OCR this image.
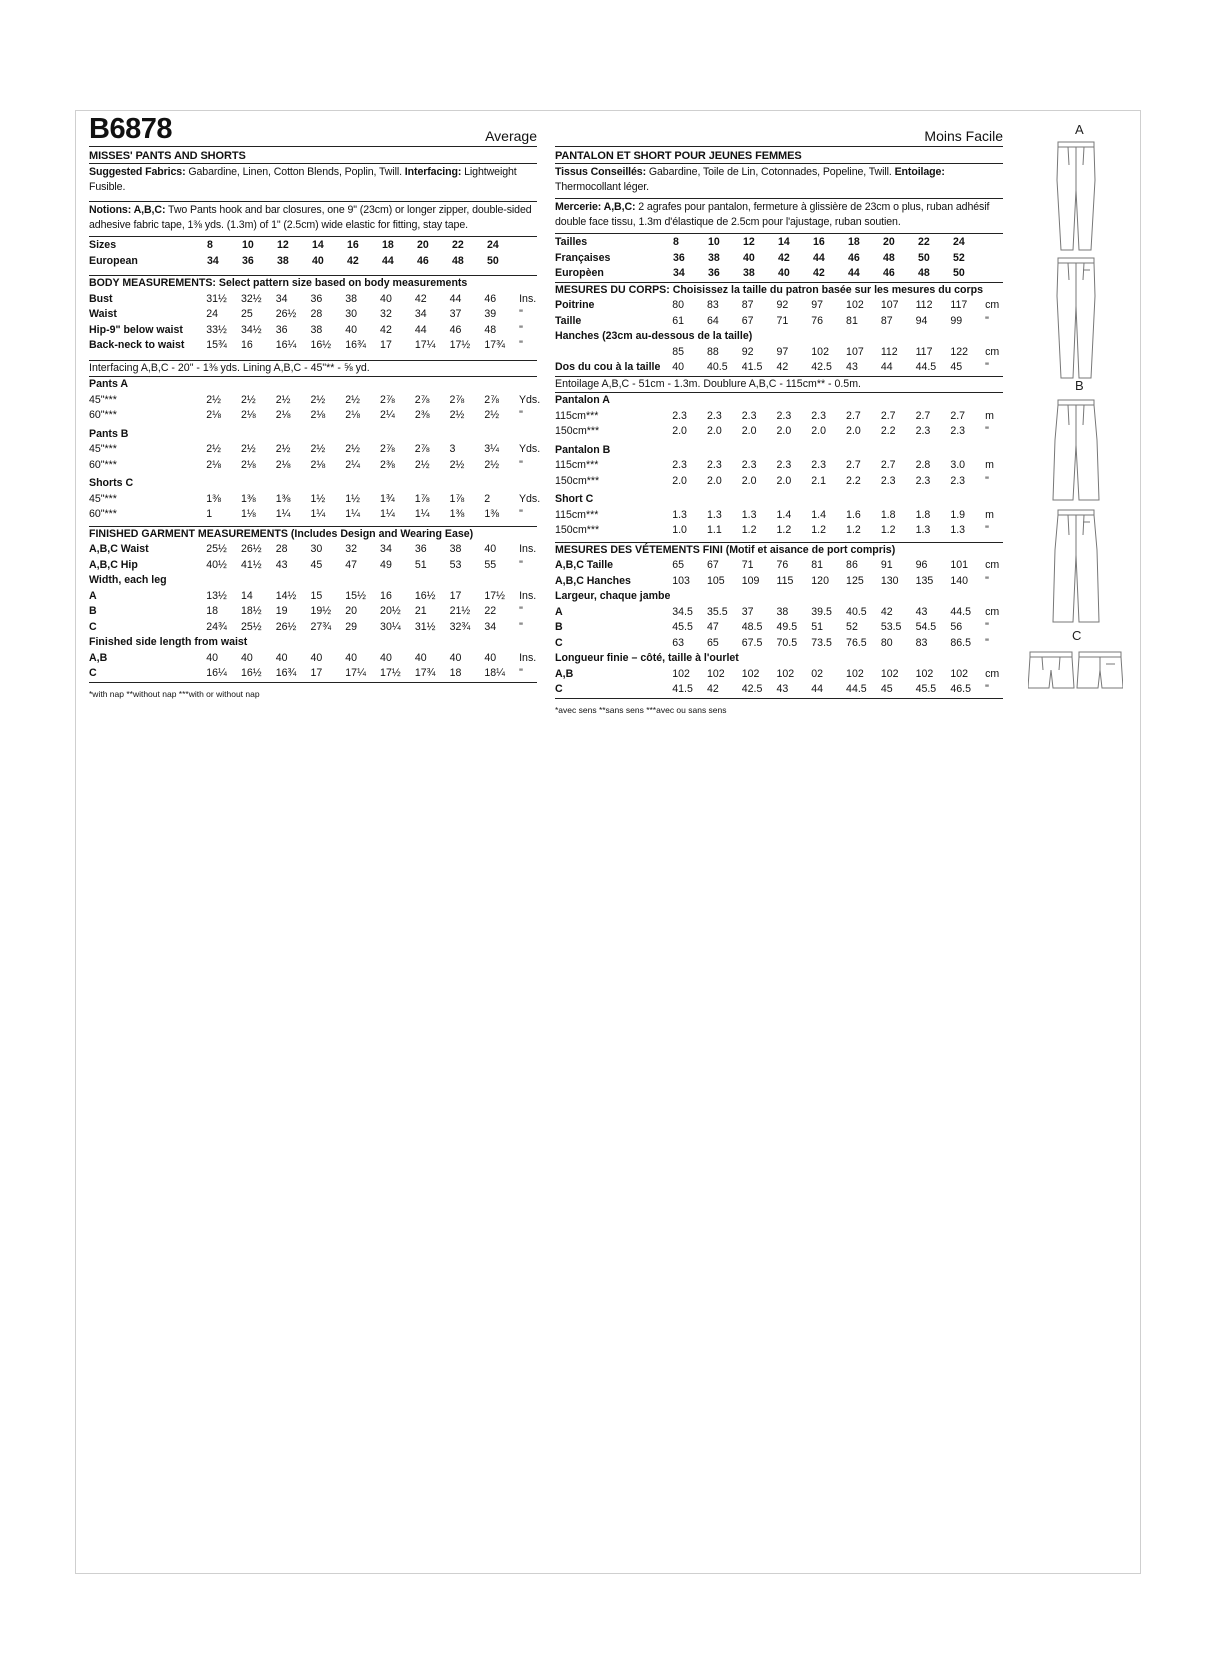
B6878	Average
MISSES' PANTS AND SHORTS
Suggested Fabrics: Gabardine, Linen, Cotton Blends, Poplin, Twill. Interfacing: Lightweight Fusible.
Notions: A,B,C: Two Pants hook and bar closures, one 9" (23cm) or longer zipper, double-sided adhesive fabric tape, 1⅜ yds. (1.3m) of 1" (2.5cm) wide elastic for fitting, stay tape.
Sizes	8	10	12	14	16	18	20	22	24
European	34	36	38	40	42	44	46	48	50
BODY MEASUREMENTS: Select pattern size based on body measurements
Bust	31½	32½	34	36	38	40	42	44	46	Ins.
Waist	24	25	26½	28	30	32	34	37	39	"
Hip-9" below waist	33½	34½	36	38	40	42	44	46	48	"
Back-neck to waist	15¾	16	16¼	16½	16¾	17	17¼	17½	17¾	"
Interfacing A,B,C - 20" - 1⅜ yds. Lining A,B,C - 45"** - ⅝ yd.
Pants A
45"***	2½	2½	2½	2½	2½	2⅞	2⅞	2⅞	2⅞	Yds.
60"***	2⅛	2⅛	2⅛	2⅛	2⅛	2¼	2⅜	2½	2½	"
Pants B
45"***	2½	2½	2½	2½	2½	2⅞	2⅞	3	3¼	Yds.
60"***	2⅛	2⅛	2⅛	2⅛	2¼	2⅜	2½	2½	2½	"
Shorts C
45"***	1⅜	1⅜	1⅜	1½	1½	1¾	1⅞	1⅞	2	Yds.
60"***	1	1⅛	1¼	1¼	1¼	1¼	1¼	1⅜	1⅜	"
FINISHED GARMENT MEASUREMENTS (Includes Design and Wearing Ease)
A,B,C Waist	25½	26½	28	30	32	34	36	38	40	Ins.
A,B,C Hip	40½	41½	43	45	47	49	51	53	55	"
Width, each leg
A	13½	14	14½	15	15½	16	16½	17	17½	Ins.
B	18	18½	19	19½	20	20½	21	21½	22	"
C	24¾	25½	26½	27¾	29	30¼	31½	32¾	34	"
Finished side length from waist
A,B	40	40	40	40	40	40	40	40	40	Ins.
C	16¼	16½	16¾	17	17¼	17½	17¾	18	18¼	"
*with nap **without nap ***with or without nap
Moins Facile
PANTALON ET SHORT POUR JEUNES FEMMES
Tissus Conseillés: Gabardine, Toile de Lin, Cotonnades, Popeline, Twill. Entoilage: Thermocollant léger.
Mercerie: A,B,C: 2 agrafes pour pantalon, fermeture à glissière de 23cm o plus, ruban adhésif double face tissu, 1.3m d'élastique de 2.5cm pour l'ajustage, ruban soutien.
Tailles	8	10	12	14	16	18	20	22	24
Françaises	36	38	40	42	44	46	48	50	52
Europèen	34	36	38	40	42	44	46	48	50
MESURES DU CORPS: Choisissez la taille du patron basée sur les mesures du corps
Poitrine	80	83	87	92	97	102	107	112	117	cm
Taille	61	64	67	71	76	81	87	94	99	"
Hanches (23cm au-dessous de la taille)
85	88	92	97	102	107	112	117	122	cm
Dos du cou à la taille	40	40.5	41.5	42	42.5	43	44	44.5	45	"
Entoilage A,B,C - 51cm - 1.3m. Doublure A,B,C - 115cm** - 0.5m.
Pantalon A
115cm***	2.3	2.3	2.3	2.3	2.3	2.7	2.7	2.7	2.7	m
150cm***	2.0	2.0	2.0	2.0	2.0	2.0	2.2	2.3	2.3	"
Pantalon B
115cm***	2.3	2.3	2.3	2.3	2.3	2.7	2.7	2.8	3.0	m
150cm***	2.0	2.0	2.0	2.0	2.1	2.2	2.3	2.3	2.3	"
Short C
115cm***	1.3	1.3	1.3	1.4	1.4	1.6	1.8	1.8	1.9	m
150cm***	1.0	1.1	1.2	1.2	1.2	1.2	1.2	1.3	1.3	"
MESURES DES VÉTEMENTS FINI (Motif et aisance de port compris)
A,B,C Taille	65	67	71	76	81	86	91	96	101	cm
A,B,C Hanches	103	105	109	115	120	125	130	135	140	"
Largeur, chaque jambe
A	34.5	35.5	37	38	39.5	40.5	42	43	44.5	cm
B	45.5	47	48.5	49.5	51	52	53.5	54.5	56	"
C	63	65	67.5	70.5	73.5	76.5	80	83	86.5	"
Longueur finie – côté, taille à l'ourlet
A,B	102	102	102	102	02	102	102	102	102	cm
C	41.5	42	42.5	43	44	44.5	45	45.5	46.5	"
*avec sens **sans sens ***avec ou sans sens
A
B
C
